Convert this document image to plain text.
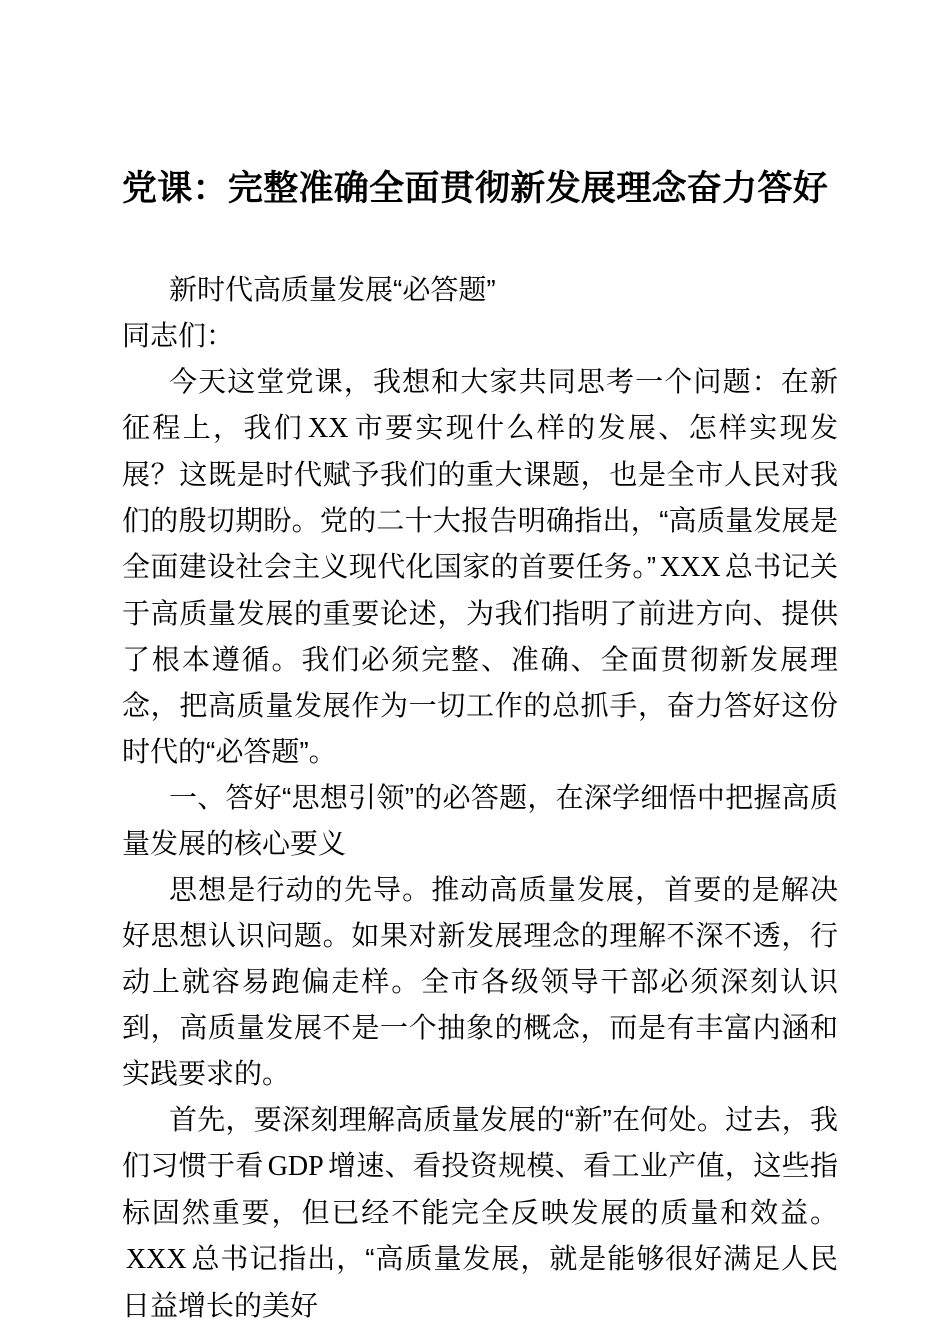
党课：完整准确全面贯彻新发展理念奋力答好

新时代高质量发展“必答题”

同志们：

今天这堂党课，我想和大家共同思考一个问题：在新征程上，我们 XX 市要实现什么样的发展、怎样实现发展？这既是时代赋予我们的重大课题，也是全市人民对我们的殷切期盼。党的二十大报告明确指出，“高质量发展是全面建设社会主义现代化国家的首要任务。” XXX 总书记关于高质量发展的重要论述，为我们指明了前进方向、提供了根本遵循。我们必须完整、准确、全面贯彻新发展理念，把高质量发展作为一切工作的总抓手，奋力答好这份时代的“必答题”。

一、答好“思想引领”的必答题，在深学细悟中把握高质量发展的核心要义

思想是行动的先导。推动高质量发展，首要的是解决好思想认识问题。如果对新发展理念的理解不深不透，行动上就容易跑偏走样。全市各级领导干部必须深刻认识到，高质量发展不是一个抽象的概念，而是有丰富内涵和实践要求的。

首先，要深刻理解高质量发展的“新”在何处。过去，我们习惯于看 GDP 增速、看投资规模、看工业产值，这些指标固然重要，但已经不能完全反映发展的质量和效益。XXX 总书记指出，“高质量发展，就是能够很好满足人民日益增长的美好
